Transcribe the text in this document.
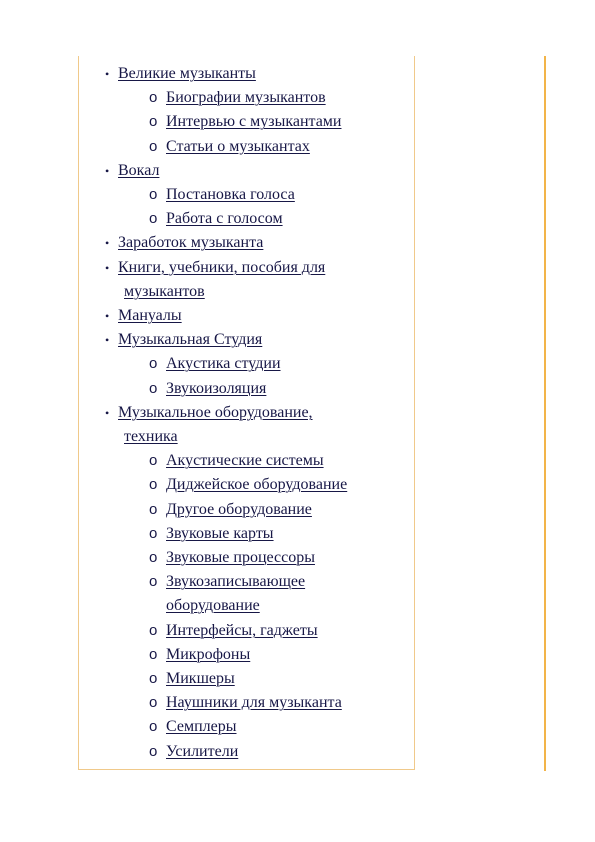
• Великие музыканты
o Биографии музыкантов
o Интервью с музыкантами
o Статьи о музыкантах
• Вокал
o Постановка голоса
o Работа с голосом
• Заработок музыканта
• Книги, учебники, пособия для
музыкантов
• Мануалы
• Музыкальная Студия
o Акустика студии
o Звукоизоляция
• Музыкальное оборудование,
техника
o Акустические системы
o Диджейское оборудование
o Другое оборудование
o Звуковые карты
o Звуковые процессоры
o Звукозаписывающее
оборудование
o Интерфейсы, гаджеты
o Микрофоны
o Микшеры
o Наушники для музыканта
o Семплеры
o Усилители
